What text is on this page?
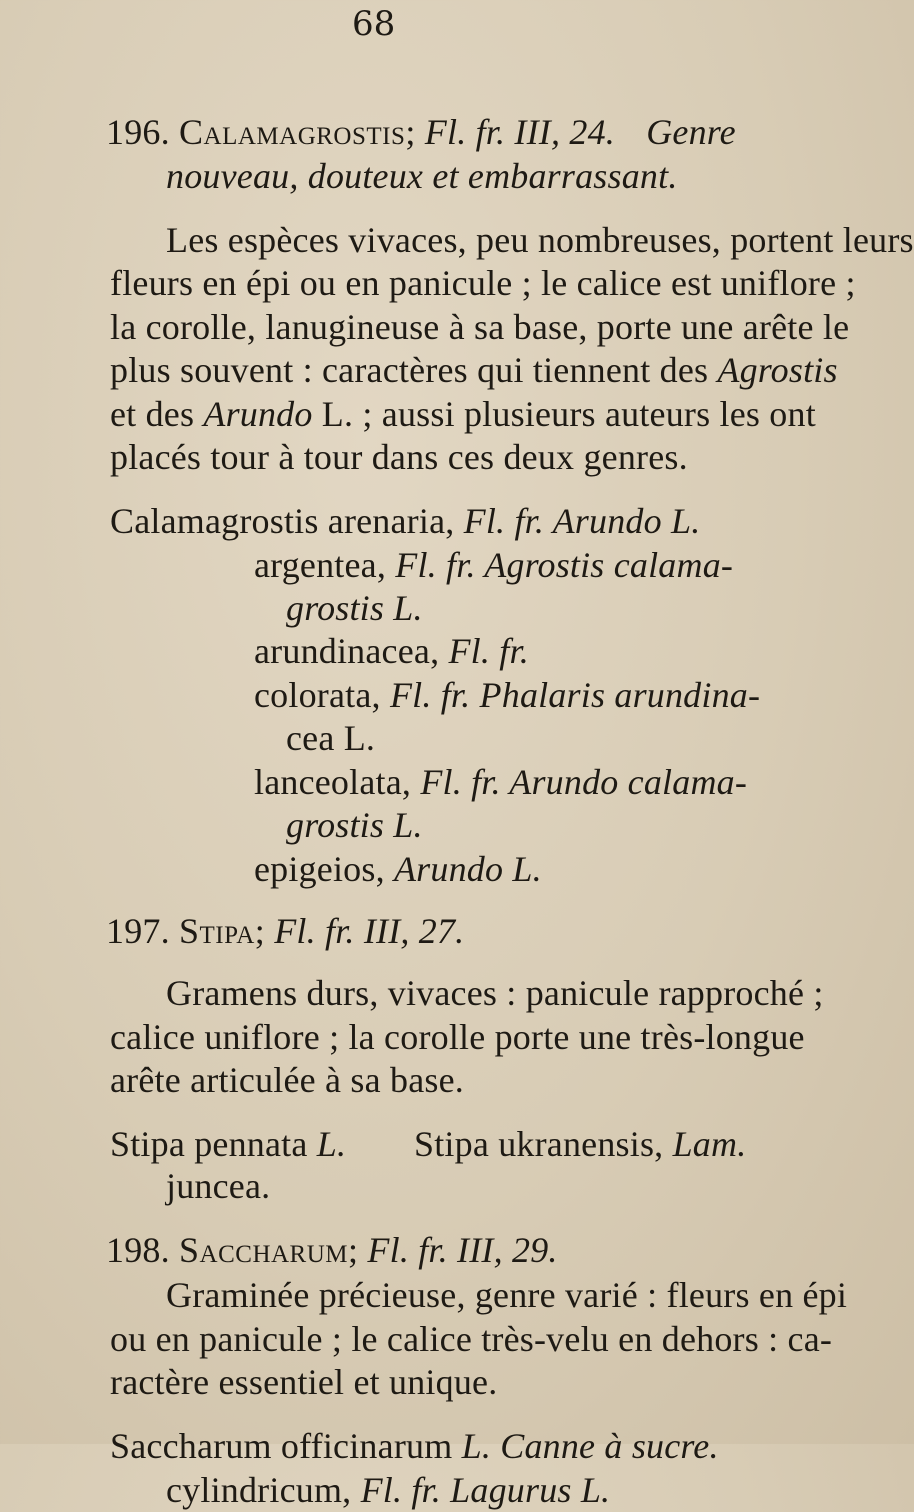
68
196. Calamagrostis; Fl. fr. III, 24. Genre
nouveau, douteux et embarrassant.
Les espèces vivaces, peu nombreuses, portent leurs
fleurs en épi ou en panicule ; le calice est uniflore ;
la corolle, lanugineuse à sa base, porte une arête le
plus souvent : caractères qui tiennent des Agrostis
et des Arundo L. ; aussi plusieurs auteurs les ont
placés tour à tour dans ces deux genres.
Calamagrostis arenaria, Fl. fr. Arundo L.
argentea, Fl. fr. Agrostis calama-
grostis L.
arundinacea, Fl. fr.
colorata, Fl. fr. Phalaris arundina-
cea L.
lanceolata, Fl. fr. Arundo calama-
grostis L.
epigeios, Arundo L.
197. Stipa; Fl. fr. III, 27.
Gramens durs, vivaces : panicule rapproché ;
calice uniflore ; la corolle porte une très-longue
arête articulée à sa base.
Stipa pennata L. Stipa ukranensis, Lam.
juncea.
198. Saccharum; Fl. fr. III, 29.
Graminée précieuse, genre varié : fleurs en épi
ou en panicule ; le calice très-velu en dehors : ca-
ractère essentiel et unique.
Saccharum officinarum L. Canne à sucre.
cylindricum, Fl. fr. Lagurus L.
